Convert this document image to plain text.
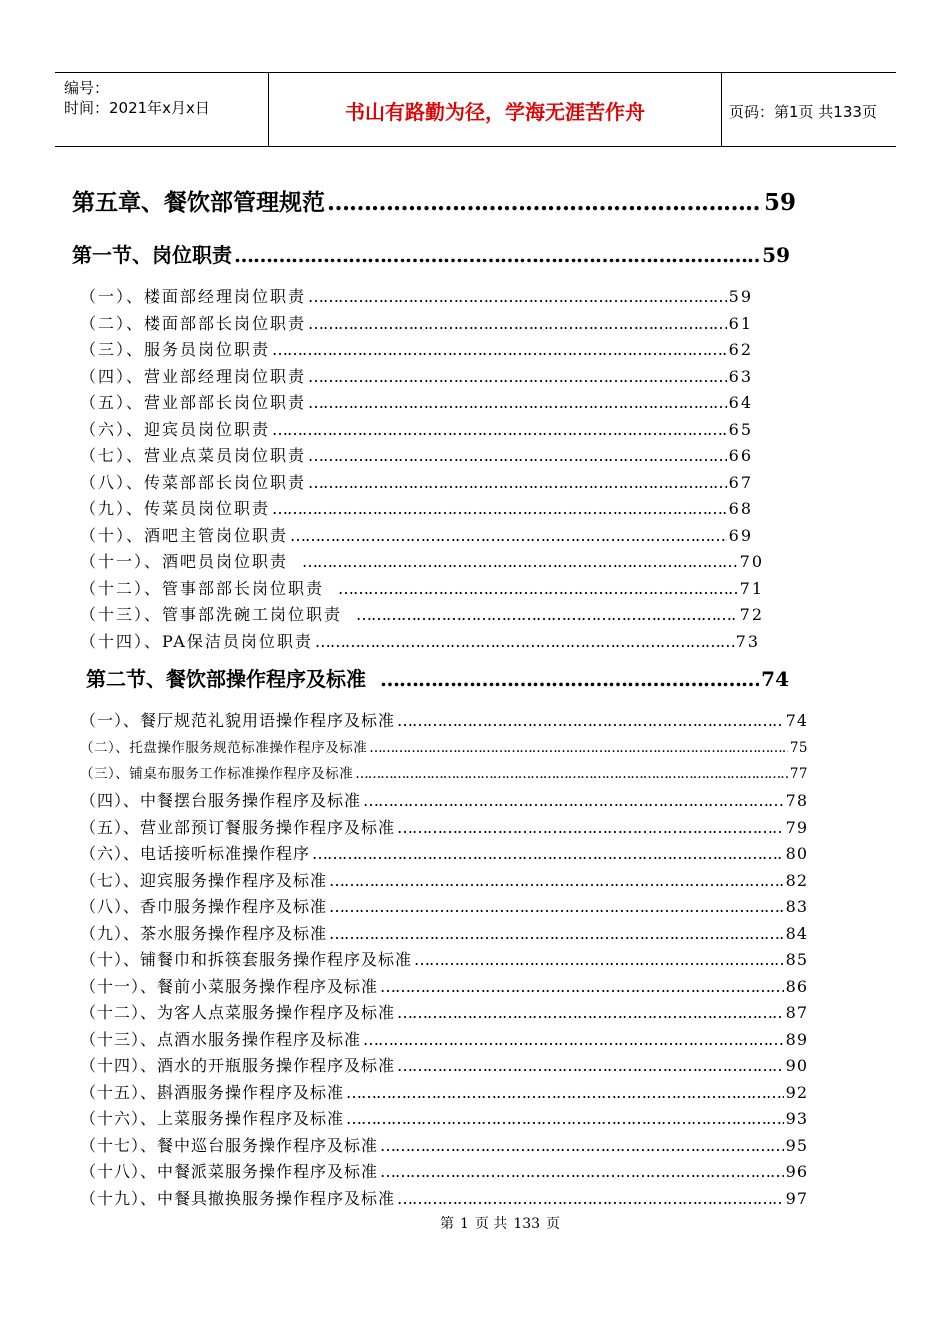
编号：
时间：2021年x月x日	书山有路勤为径，学海无涯苦作舟	页码：第1页 共133页
第五章、餐饮部管理规范 ……………………………………………………………………………………………………………………………………………………………………	59
第一节、岗位职责 ……………………………………………………………………………………………………………………………………………………………………	59
（一）、楼面部经理岗位职责 ……………………………………………………………………………………………………………………………………………………………………	59
（二）、楼面部部长岗位职责 ……………………………………………………………………………………………………………………………………………………………………	61
（三）、服务员岗位职责 ……………………………………………………………………………………………………………………………………………………………………	62
（四）、营业部经理岗位职责 ……………………………………………………………………………………………………………………………………………………………………	63
（五）、营业部部长岗位职责 ……………………………………………………………………………………………………………………………………………………………………	64
（六）、迎宾员岗位职责 ……………………………………………………………………………………………………………………………………………………………………	65
（七）、营业点菜员岗位职责 ……………………………………………………………………………………………………………………………………………………………………	66
（八）、传菜部部长岗位职责 ……………………………………………………………………………………………………………………………………………………………………	67
（九）、传菜员岗位职责 ……………………………………………………………………………………………………………………………………………………………………	68
（十）、酒吧主管岗位职责 ……………………………………………………………………………………………………………………………………………………………………	69
（十一）、酒吧员岗位职责 ……………………………………………………………………………………………………………………………………………………………………	70
（十二）、管事部部长岗位职责 ……………………………………………………………………………………………………………………………………………………………………	71
（十三）、管事部洗碗工岗位职责 ……………………………………………………………………………………………………………………………………………………………………	72
（十四）、PA保洁员岗位职责 ……………………………………………………………………………………………………………………………………………………………………	73
第二节、餐饮部操作程序及标准 ……………………………………………………………………………………………………………………………………………………………………	74
（一）、餐厅规范礼貌用语操作程序及标准 ……………………………………………………………………………………………………………………………………………………………………	74
（二）、托盘操作服务规范标准操作程序及标准 ……………………………………………………………………………………………………………………………………………………………………	75
（三）、铺桌布服务工作标准操作程序及标准 ……………………………………………………………………………………………………………………………………………………………………	77
（四）、中餐摆台服务操作程序及标准 ……………………………………………………………………………………………………………………………………………………………………	78
（五）、营业部预订餐服务操作程序及标准 ……………………………………………………………………………………………………………………………………………………………………	79
（六）、电话接听标准操作程序 ……………………………………………………………………………………………………………………………………………………………………	80
（七）、迎宾服务操作程序及标准 ……………………………………………………………………………………………………………………………………………………………………	82
（八）、香巾服务操作程序及标准 ……………………………………………………………………………………………………………………………………………………………………	83
（九）、茶水服务操作程序及标准 ……………………………………………………………………………………………………………………………………………………………………	84
（十）、铺餐巾和拆筷套服务操作程序及标准 ……………………………………………………………………………………………………………………………………………………………………	85
（十一）、餐前小菜服务操作程序及标准 ……………………………………………………………………………………………………………………………………………………………………	86
（十二）、为客人点菜服务操作程序及标准 ……………………………………………………………………………………………………………………………………………………………………	87
（十三）、点酒水服务操作程序及标准 ……………………………………………………………………………………………………………………………………………………………………	89
（十四）、酒水的开瓶服务操作程序及标准 ……………………………………………………………………………………………………………………………………………………………………	90
（十五）、斟酒服务操作程序及标准 ……………………………………………………………………………………………………………………………………………………………………	92
（十六）、上菜服务操作程序及标准 ……………………………………………………………………………………………………………………………………………………………………	93
（十七）、餐中巡台服务操作程序及标准 ……………………………………………………………………………………………………………………………………………………………………	95
（十八）、中餐派菜服务操作程序及标准 ……………………………………………………………………………………………………………………………………………………………………	96
（十九）、中餐具撤换服务操作程序及标准 ……………………………………………………………………………………………………………………………………………………………………	97
第 1 页 共 133 页
